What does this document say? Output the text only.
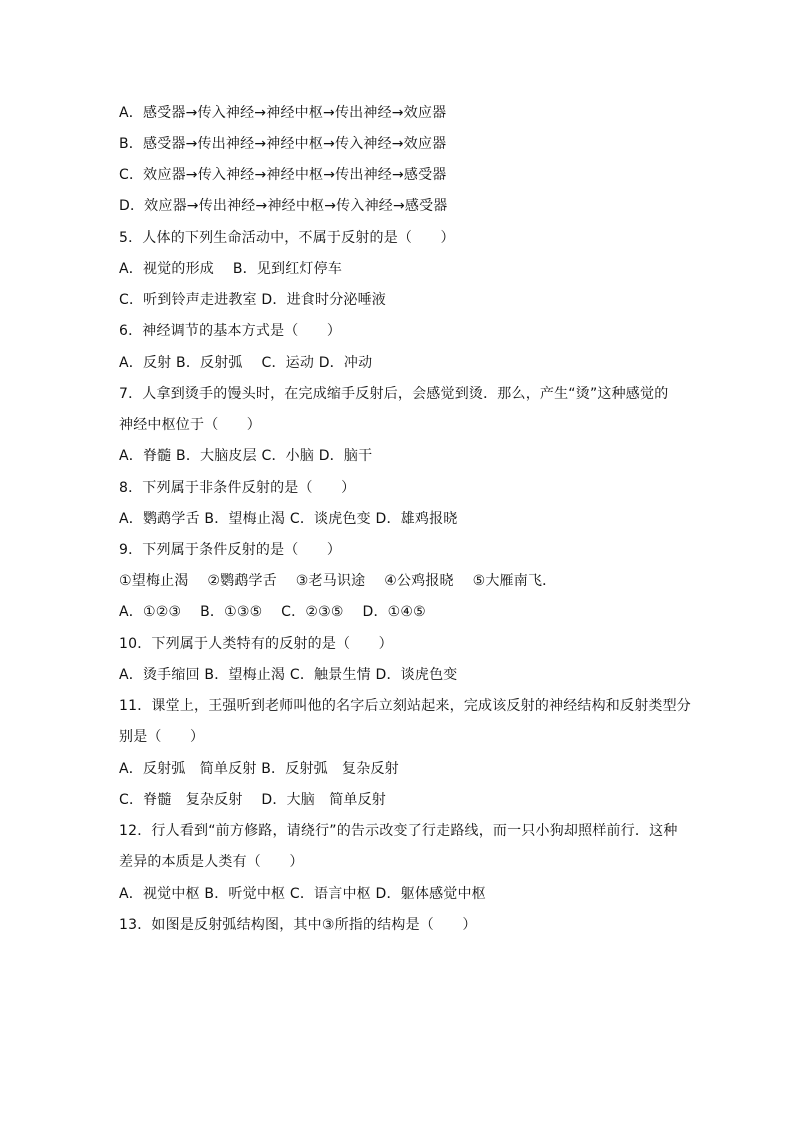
A．感受器→传入神经→神经中枢→传出神经→效应器
B．感受器→传出神经→神经中枢→传入神经→效应器
C．效应器→传入神经→神经中枢→传出神经→感受器
D．效应器→传出神经→神经中枢→传入神经→感受器
5．人体的下列生命活动中，不属于反射的是（　　）
A．视觉的形成　 B．见到红灯停车
C．听到铃声走进教室 D．进食时分泌唾液
6．神经调节的基本方式是（　　）
A．反射 B．反射弧　 C．运动 D．冲动
7．人拿到烫手的馒头时，在完成缩手反射后，会感觉到烫．那么，产生“烫”这种感觉的
神经中枢位于（　　）
A．脊髓 B．大脑皮层 C．小脑 D．脑干
8．下列属于非条件反射的是（　　）
A．鹦鹉学舌 B．望梅止渴 C．谈虎色变 D．雄鸡报晓
9．下列属于条件反射的是（　　）
①望梅止渴　 ②鹦鹉学舌　 ③老马识途　 ④公鸡报晓　 ⑤大雁南飞．
A．①②③　 B．①③⑤　 C．②③⑤　 D．①④⑤
10．下列属于人类特有的反射的是（　　）
A．烫手缩回 B．望梅止渴 C．触景生情 D．谈虎色变
11．课堂上，王强听到老师叫他的名字后立刻站起来，完成该反射的神经结构和反射类型分
别是（　　）
A．反射弧　简单反射 B．反射弧　复杂反射
C．脊髓　复杂反射　 D．大脑　简单反射
12．行人看到“前方修路，请绕行”的告示改变了行走路线，而一只小狗却照样前行．这种
差异的本质是人类有（　　）
A．视觉中枢 B．听觉中枢 C．语言中枢 D．躯体感觉中枢
13．如图是反射弧结构图，其中③所指的结构是（　　）
